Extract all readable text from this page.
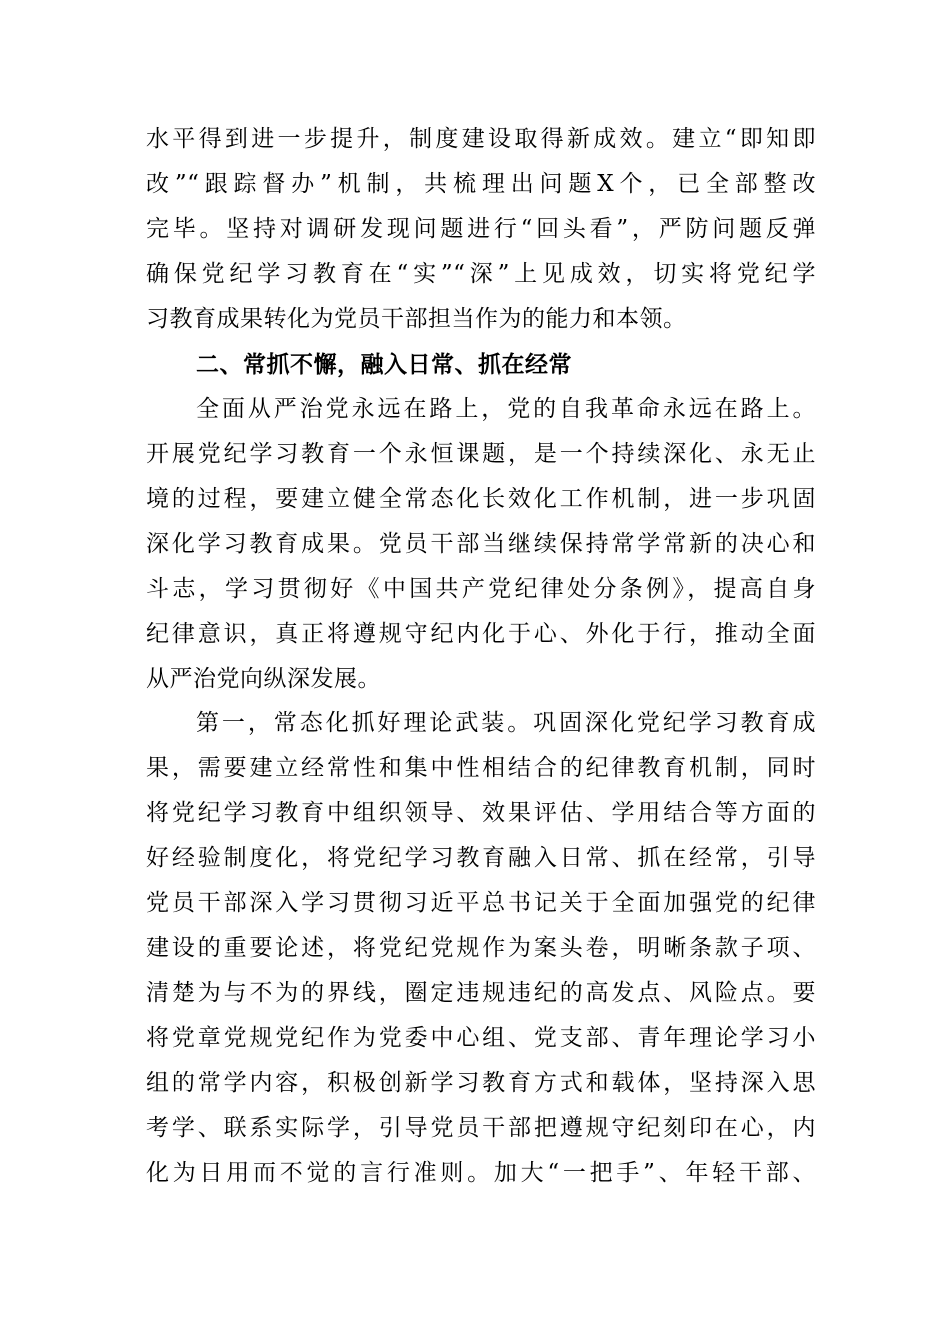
水平得到进一步提升，制度建设取得新成效。建立“即知即
改”“跟踪督办”机制，共梳理出问题X个，已全部整改
完毕。坚持对调研发现问题进行“回头看”，严防问题反弹
确保党纪学习教育在“实”“深”上见成效，切实将党纪学
习教育成果转化为党员干部担当作为的能力和本领。
二、常抓不懈，融入日常、抓在经常
全面从严治党永远在路上，党的自我革命永远在路上。
开展党纪学习教育一个永恒课题，是一个持续深化、永无止
境的过程，要建立健全常态化长效化工作机制，进一步巩固
深化学习教育成果。党员干部当继续保持常学常新的决心和
斗志，学习贯彻好《中国共产党纪律处分条例》，提高自身
纪律意识，真正将遵规守纪内化于心、外化于行，推动全面
从严治党向纵深发展。
第一，常态化抓好理论武装。巩固深化党纪学习教育成
果，需要建立经常性和集中性相结合的纪律教育机制，同时
将党纪学习教育中组织领导、效果评估、学用结合等方面的
好经验制度化，将党纪学习教育融入日常、抓在经常，引导
党员干部深入学习贯彻习近平总书记关于全面加强党的纪律
建设的重要论述，将党纪党规作为案头卷，明晰条款子项、
清楚为与不为的界线，圈定违规违纪的高发点、风险点。要
将党章党规党纪作为党委中心组、党支部、青年理论学习小
组的常学内容，积极创新学习教育方式和载体，坚持深入思
考学、联系实际学，引导党员干部把遵规守纪刻印在心，内
化为日用而不觉的言行准则。加大“一把手”、年轻干部、
